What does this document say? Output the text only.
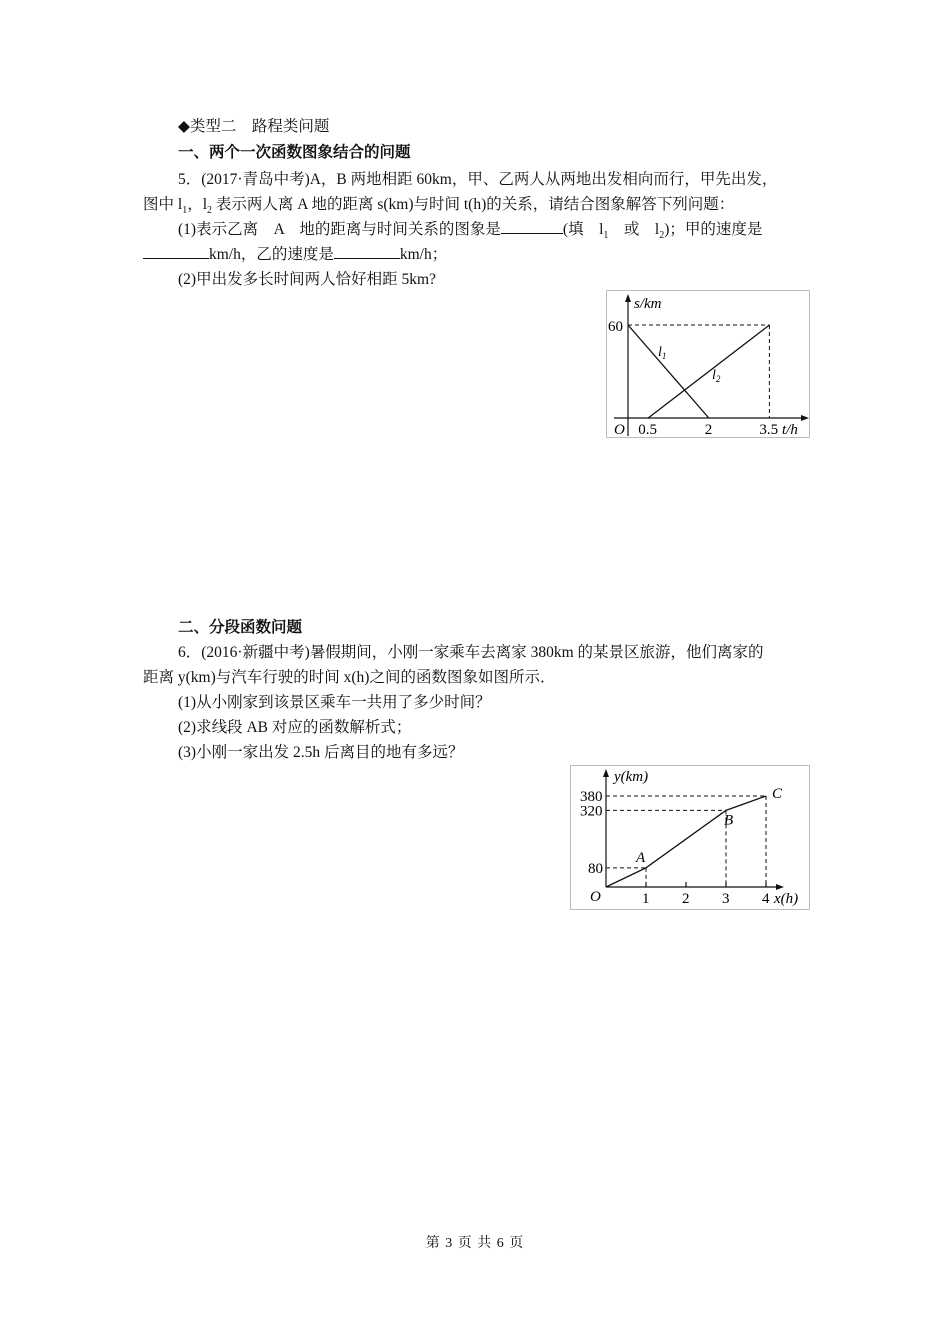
◆类型二　路程类问题
一、两个一次函数图象结合的问题
5．(2017·青岛中考)A，B 两地相距 60km，甲、乙两人从两地出发相向而行，甲先出发，
图中 $l_1$，$l_2$ 表示两人离 A 地的距离 s(km)与时间 t(h)的关系，请结合图象解答下列问题：
(1)表示乙离　A　地的距离与时间关系的图象是	(填　$l_1$　或　$l_2$)；甲的速度是
km/h，乙的速度是	km/h；
(2)甲出发多长时间两人恰好相距 5km?
s/km
t/h
O
60
0.5	2	3.5
$l_1$
$l_2$
二、分段函数问题
6．(2016·新疆中考)暑假期间，小刚一家乘车去离家 380km 的某景区旅游，他们离家的
距离 y(km)与汽车行驶的时间 x(h)之间的函数图象如图所示．
(1)从小刚家到该景区乘车一共用了多少时间？
(2)求线段 AB 对应的函数解析式；
(3)小刚一家出发 2.5h 后离目的地有多远？
y(km)
x(h)
O
380
320
80
1 2 3 4
A
B
C
第 3 页 共 6 页
